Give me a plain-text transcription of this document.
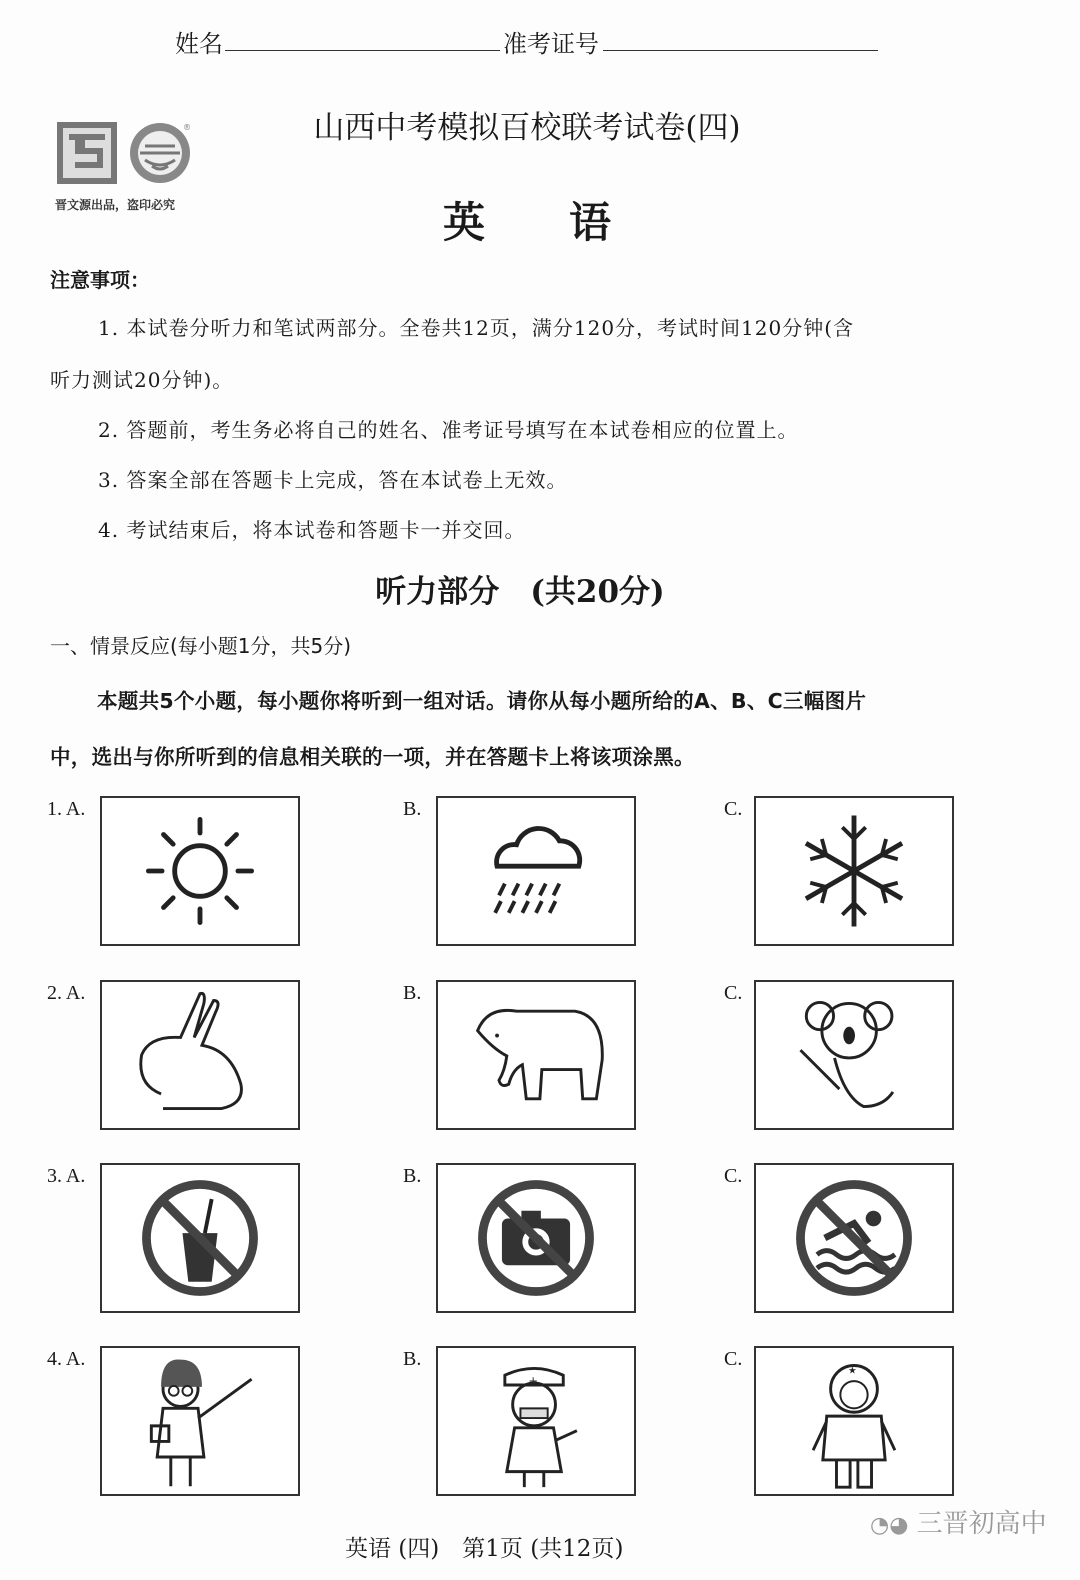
姓名	准考证号
®
晋文源出品，盗印必究
山西中考模拟百校联考试卷(四)
英　　语
注意事项：
1. 本试卷分听力和笔试两部分。全卷共12页，满分120分，考试时间120分钟(含
听力测试20分钟)。
2. 答题前，考生务必将自己的姓名、准考证号填写在本试卷相应的位置上。
3. 答案全部在答题卡上完成，答在本试卷上无效。
4. 考试结束后，将本试卷和答题卡一并交回。
听力部分　(共20分)
一、情景反应(每小题1分，共5分)
本题共5个小题，每小题你将听到一组对话。请你从每小题所给的A、B、C三幅图片
中，选出与你所听到的信息相关联的一项，并在答题卡上将该项涂黑。
1. A.	B.	C.
2. A.	B.	C.
3. A.	B.	C.
4. A.	B.
+
C.
★
英语 (四)　第1页 (共12页)
◔◕ 三晋初高中
